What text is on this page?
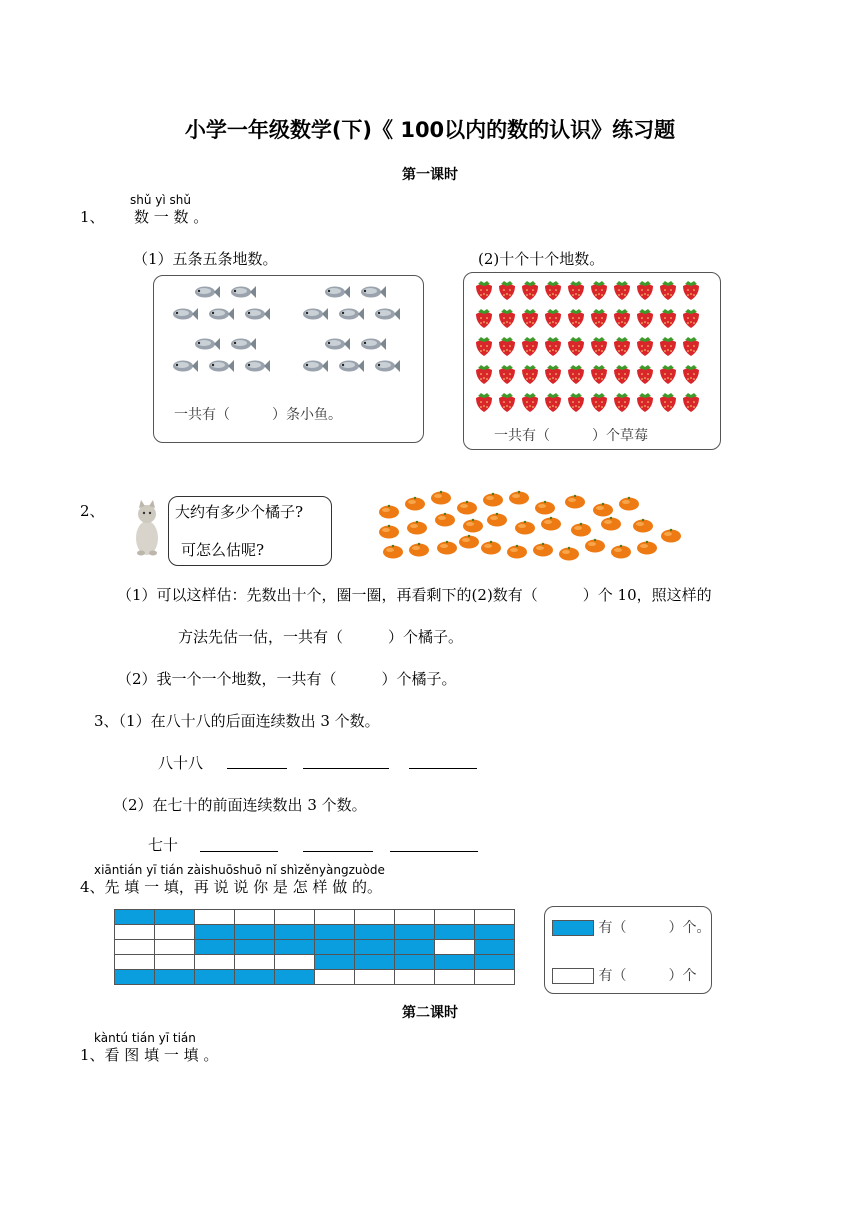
小学一年级数学(下)《 100以内的数的认识》练习题
第一课时
shǔ yì shǔ
1、 数 一 数 。
（1）五条五条地数。	(2)十个十个地数。
一共有（　　　）条小鱼。
一共有（　　　）个草莓
2、	大约有多少个橘子?
可怎么估呢?
（1）可以这样估：先数出十个，圈一圈，再看剩下的(2)数有（　　　）个 10，照这样的
方法先估一估，一共有（　　　）个橘子。
（2）我一个一个地数，一共有（　　　）个橘子。
3、（1）在八十八的后面连续数出 3 个数。
八十八
（2）在七十的前面连续数出 3 个数。
七十
xiāntián yī tián zàishuōshuō nǐ shìzěnyàngzuòde
4、先 填 一 填，再 说 说 你 是 怎 样 做 的。

有（　　　）个。
有（　　　）个
第二课时
kàntú tián yī tián
1、看 图 填 一 填 。
